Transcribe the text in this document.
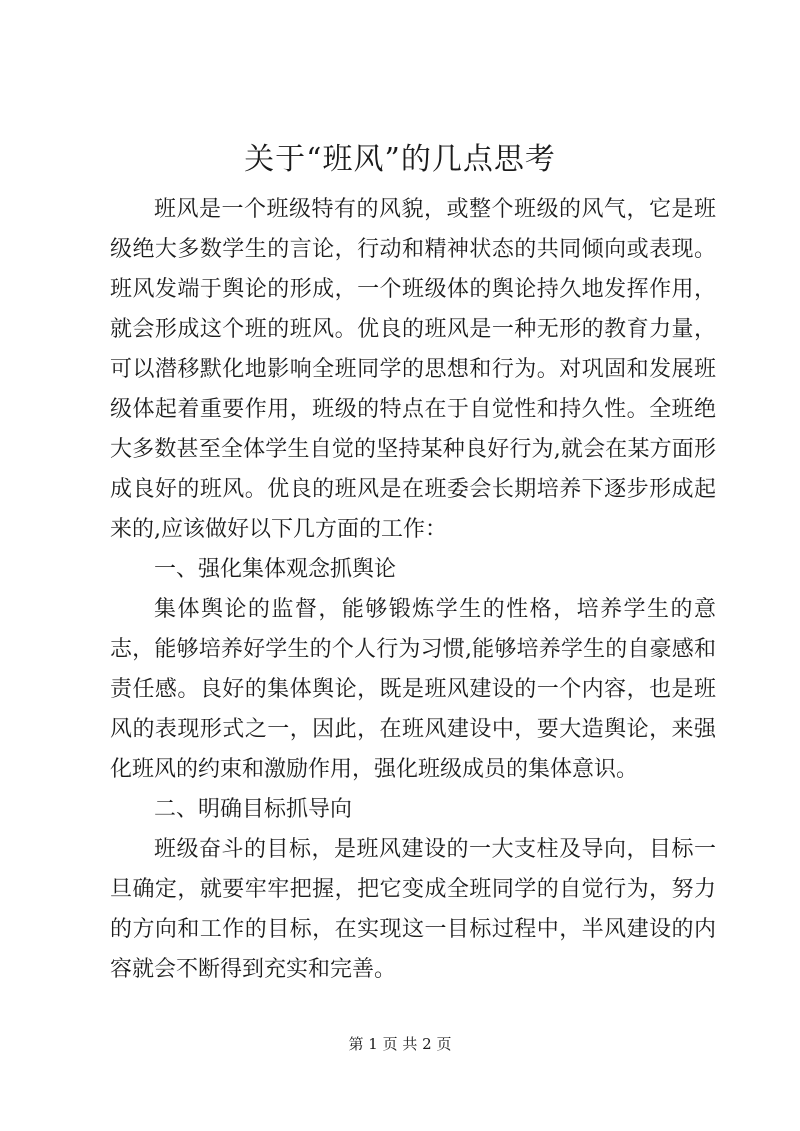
关于“班风”的几点思考

班风是一个班级特有的风貌，或整个班级的风气，它是班级绝大多数学生的言论，行动和精神状态的共同倾向或表现。班风发端于舆论的形成，一个班级体的舆论持久地发挥作用，就会形成这个班的班风。优良的班风是一种无形的教育力量，可以潜移默化地影响全班同学的思想和行为。对巩固和发展班级体起着重要作用，班级的特点在于自觉性和持久性。全班绝大多数甚至全体学生自觉的坚持某种良好行为,就会在某方面形成良好的班风。优良的班风是在班委会长期培养下逐步形成起来的,应该做好以下几方面的工作：

一、强化集体观念抓舆论

集体舆论的监督，能够锻炼学生的性格，培养学生的意志，能够培养好学生的个人行为习惯,能够培养学生的自豪感和责任感。良好的集体舆论，既是班风建设的一个内容，也是班风的表现形式之一，因此，在班风建设中，要大造舆论，来强化班风的约束和激励作用，强化班级成员的集体意识。

二、明确目标抓导向

班级奋斗的目标，是班风建设的一大支柱及导向，目标一旦确定，就要牢牢把握，把它变成全班同学的自觉行为，努力的方向和工作的目标，在实现这一目标过程中，半风建设的内容就会不断得到充实和完善。

第 1 页 共 2 页
